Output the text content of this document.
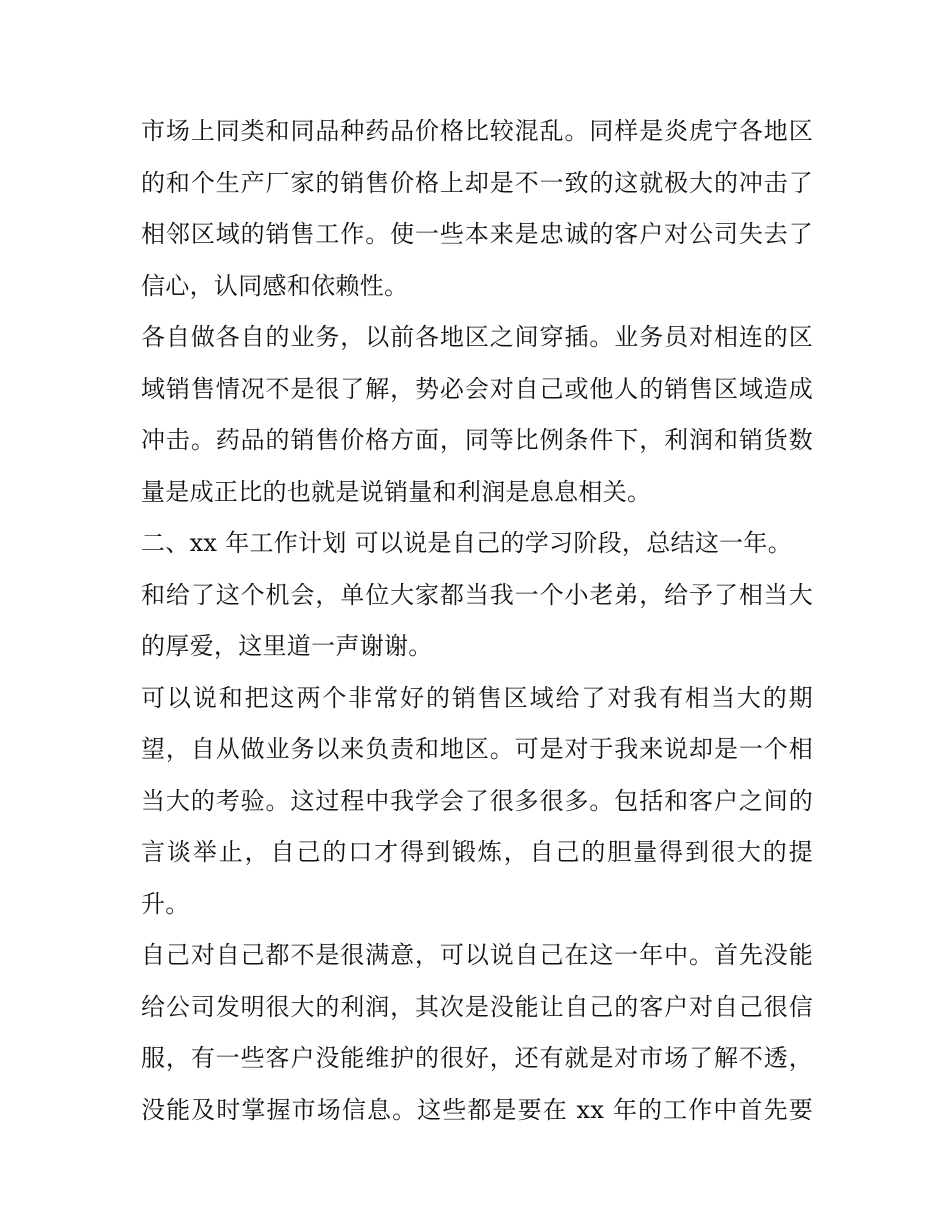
市场上同类和同品种药品价格比较混乱。同样是炎虎宁各地区
的和个生产厂家的销售价格上却是不一致的这就极大的冲击了
相邻区域的销售工作。使一些本来是忠诚的客户对公司失去了
信心，认同感和依赖性。

各自做各自的业务，以前各地区之间穿插。业务员对相连的区
域销售情况不是很了解，势必会对自己或他人的销售区域造成
冲击。药品的销售价格方面，同等比例条件下，利润和销货数
量是成正比的也就是说销量和利润是息息相关。

二、xx 年工作计划 可以说是自己的学习阶段，总结这一年。

和给了这个机会，单位大家都当我一个小老弟，给予了相当大
的厚爱，这里道一声谢谢。

可以说和把这两个非常好的销售区域给了对我有相当大的期
望，自从做业务以来负责和地区。可是对于我来说却是一个相
当大的考验。这过程中我学会了很多很多。包括和客户之间的
言谈举止，自己的口才得到锻炼，自己的胆量得到很大的提
升。

自己对自己都不是很满意，可以说自己在这一年中。首先没能
给公司发明很大的利润，其次是没能让自己的客户对自己很信
服，有一些客户没能维护的很好，还有就是对市场了解不透，
没能及时掌握市场信息。这些都是要在 xx 年的工作中首先要
